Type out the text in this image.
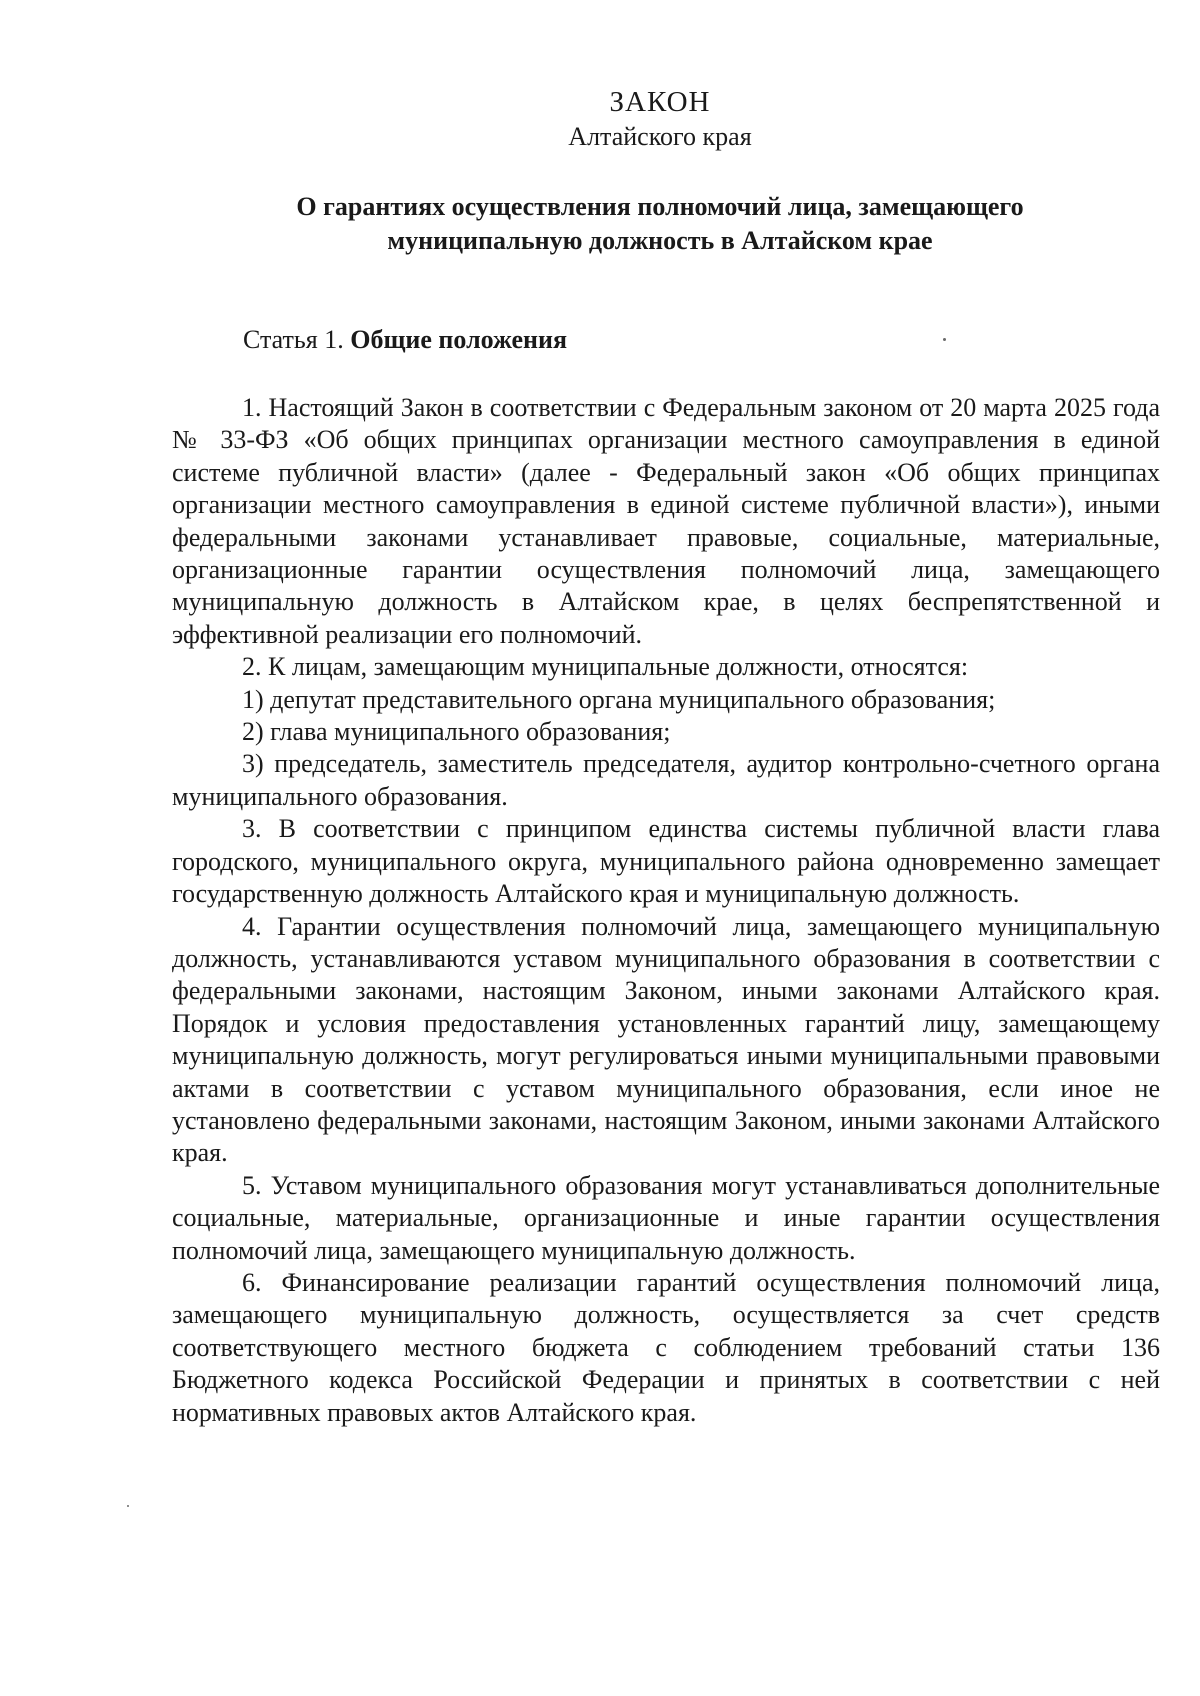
ЗАКОН
Алтайского края
О гарантиях осуществления полномочий лица, замещающего
муниципальную должность в Алтайском крае
Статья 1. Общие положения

1. Настоящий Закон в соответствии с Федеральным законом от 20 марта 2025 года № 33-ФЗ «Об общих принципах организации местного самоуправления в единой системе публичной власти» (далее - Федеральный закон «Об общих принципах организации местного самоуправления в единой системе публичной власти»), иными федеральными законами устанавливает правовые, социальные, материальные, организационные гарантии осуществления полномочий лица, замещающего муниципальную должность в Алтайском крае, в целях беспрепятственной и эффективной реализации его полномочий.

2. К лицам, замещающим муниципальные должности, относятся:

1) депутат представительного органа муниципального образования;

2) глава муниципального образования;

3) председатель, заместитель председателя, аудитор контрольно-счетного органа муниципального образования.

3. В соответствии с принципом единства системы публичной власти глава городского, муниципального округа, муниципального района одновременно замещает государственную должность Алтайского края и муниципальную должность.

4. Гарантии осуществления полномочий лица, замещающего муниципальную должность, устанавливаются уставом муниципального образования в соответствии с федеральными законами, настоящим Законом, иными законами Алтайского края. Порядок и условия предоставления установленных гарантий лицу, замещающему муниципальную должность, могут регулироваться иными муниципальными правовыми актами в соответствии с уставом муниципального образования, если иное не установлено федеральными законами, настоящим Законом, иными законами Алтайского края.

5. Уставом муниципального образования могут устанавливаться дополнительные социальные, материальные, организационные и иные гарантии осуществления полномочий лица, замещающего муниципальную должность.

6. Финансирование реализации гарантий осуществления полномочий лица, замещающего муниципальную должность, осуществляется за счет средств соответствующего местного бюджета с соблюдением требований статьи 136 Бюджетного кодекса Российской Федерации и принятых в соответствии с ней нормативных правовых актов Алтайского края.
